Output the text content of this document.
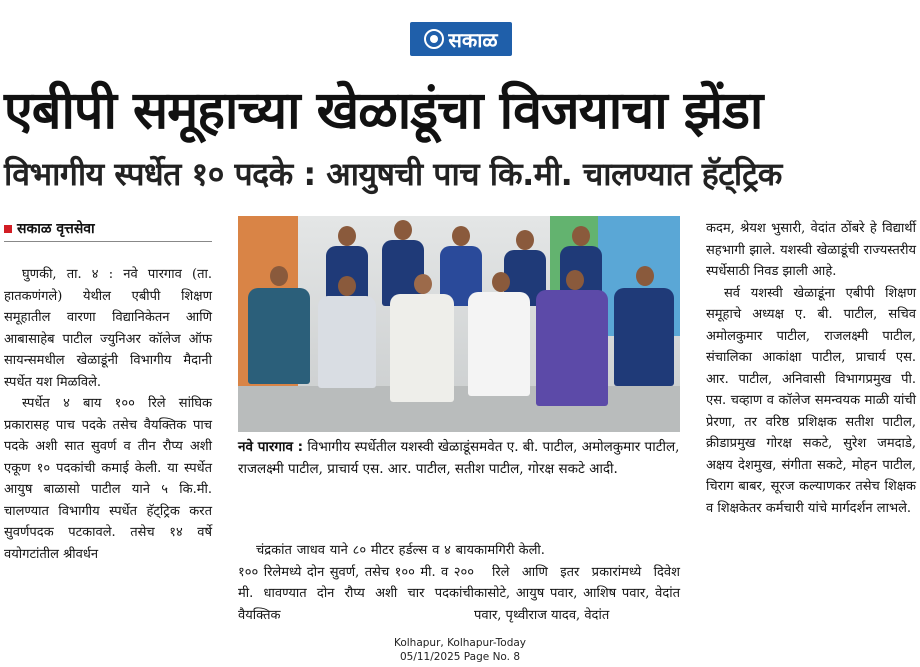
सकाळ
एबीपी समूहाच्या खेळाडूंचा विजयाचा झेंडा
विभागीय स्पर्धेत १० पदके : आयुषची पाच कि.मी. चालण्यात हॅट्‌ट्रिक
सकाळ वृत्तसेवा

घुणकी, ता. ४ : नवे पारगाव (ता. हातकणंगले) येथील एबीपी शिक्षण समूहातील वारणा विद्यानिकेतन आणि आबासाहेब पाटील ज्युनिअर कॉलेज ऑफ सायन्समधील खेळाडूंनी विभागीय मैदानी स्पर्धेत यश मिळविले.

स्पर्धेत ४ बाय १०० रिले सांघिक प्रकारासह पाच पदके तसेच वैयक्तिक पाच पदके अशी सात सुवर्ण व तीन रौप्य अशी एकूण १० पदकांची कमाई केली. या स्पर्धेत आयुष बाळासो पाटील याने ५ कि.मी. चालण्यात विभागीय स्पर्धेत हॅट्‌ट्रिक करत सुवर्णपदक पटकावले. तसेच १४ वर्षे वयोगटांतील श्रीवर्धन

नवे पारगाव : विभागीय स्पर्धेतील यशस्वी खेळाडूंसमवेत ए. बी. पाटील, अमोलकुमार पाटील, राजलक्ष्मी पाटील, प्राचार्य एस. आर. पाटील, सतीश पाटील, गोरक्ष सकटे आदी.

चंद्रकांत जाधव याने ८० मीटर हर्डल्स व ४ बाय १०० रिलेमध्ये दोन सुवर्ण, तसेच १०० मी. व २०० मी. धावण्यात दोन रौप्य अशी चार पदकांची वैयक्तिक

कामगिरी केली.

रिले आणि इतर प्रकारांमध्ये दिवेश कासोटे, आयुष पवार, आशिष पवार, वेदांत पवार, पृथ्वीराज यादव, वेदांत

कदम, श्रेयश भुसारी, वेदांत ठोंबरे हे विद्यार्थी सहभागी झाले. यशस्वी खेळाडूंची राज्यस्तरीय स्पर्धेसाठी निवड झाली आहे.

सर्व यशस्वी खेळाडूंना एबीपी शिक्षण समूहाचे अध्यक्ष ए. बी. पाटील, सचिव अमोलकुमार पाटील, राजलक्ष्मी पाटील, संचालिका आकांक्षा पाटील, प्राचार्य एस. आर. पाटील, अनिवासी विभागप्रमुख पी. एस. चव्हाण व कॉलेज समन्वयक माळी यांची प्रेरणा, तर वरिष्ठ प्रशिक्षक सतीश पाटील, क्रीडाप्रमुख गोरक्ष सकटे, सुरेश जमदाडे, अक्षय देशमुख, संगीता सकटे, मोहन पाटील, चिराग बाबर, सूरज कल्याणकर तसेच शिक्षक व शिक्षकेतर कर्मचारी यांचे मार्गदर्शन लाभले.

Kolhapur, Kolhapur-Today
05/11/2025 Page No. 8
